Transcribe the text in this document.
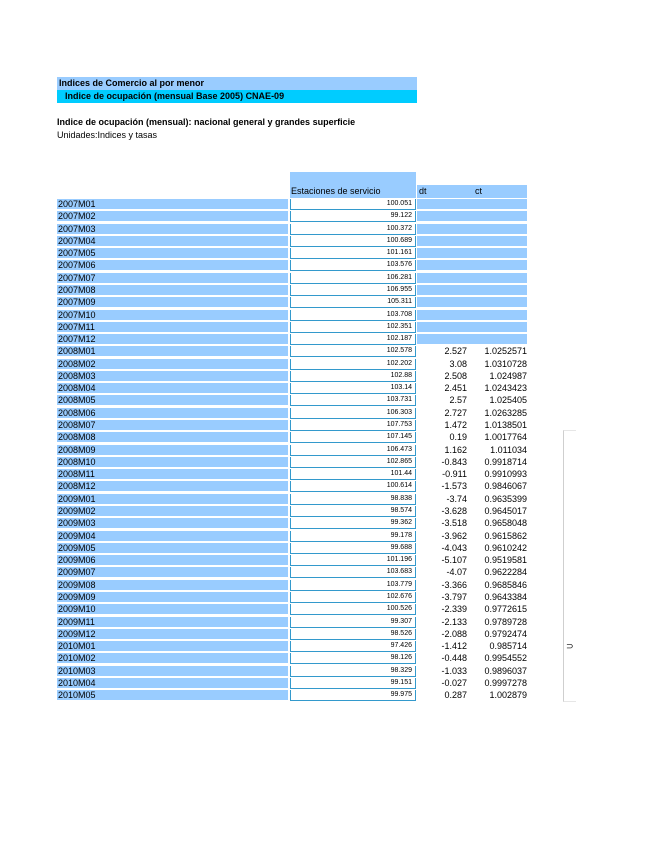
Indices de Comercio al por menor
Indice de ocupación (mensual Base 2005) CNAE-09
Indice de ocupación (mensual): nacional general y grandes superficie
Unidades:Indices y tasas
Estaciones de servicio	dt	ct
2007M01	100.051
2007M02	99.122
2007M03	100.372
2007M04	100.689
2007M05	101.161
2007M06	103.576
2007M07	106.281
2007M08	106.955
2007M09	105.311
2007M10	103.708
2007M11	102.351
2007M12	102.187
2008M01	102.578	2.527	1.0252571
2008M02	102.202	3.08	1.0310728
2008M03	102.88	2.508	1.024987
2008M04	103.14	2.451	1.0243423
2008M05	103.731	2.57	1.025405
2008M06	106.303	2.727	1.0263285
2008M07	107.753	1.472	1.0138501
2008M08	107.145	0.19	1.0017764
2008M09	106.473	1.162	1.011034
2008M10	102.865	-0.843	0.9918714
2008M11	101.44	-0.911	0.9910993
2008M12	100.614	-1.573	0.9846067
2009M01	98.838	-3.74	0.9635399
2009M02	98.574	-3.628	0.9645017
2009M03	99.362	-3.518	0.9658048
2009M04	99.178	-3.962	0.9615862
2009M05	99.688	-4.043	0.9610242
2009M06	101.196	-5.107	0.9519581
2009M07	103.683	-4.07	0.9622284
2009M08	103.779	-3.366	0.9685846
2009M09	102.676	-3.797	0.9643384
2009M10	100.526	-2.339	0.9772615
2009M11	99.307	-2.133	0.9789728
2009M12	98.526	-2.088	0.9792474
2010M01	97.426	-1.412	0.985714
2010M02	98.126	-0.448	0.9954552
2010M03	98.329	-1.033	0.9896037
2010M04	99.151	-0.027	0.9997278
2010M05	99.975	0.287	1.002879
⊃
